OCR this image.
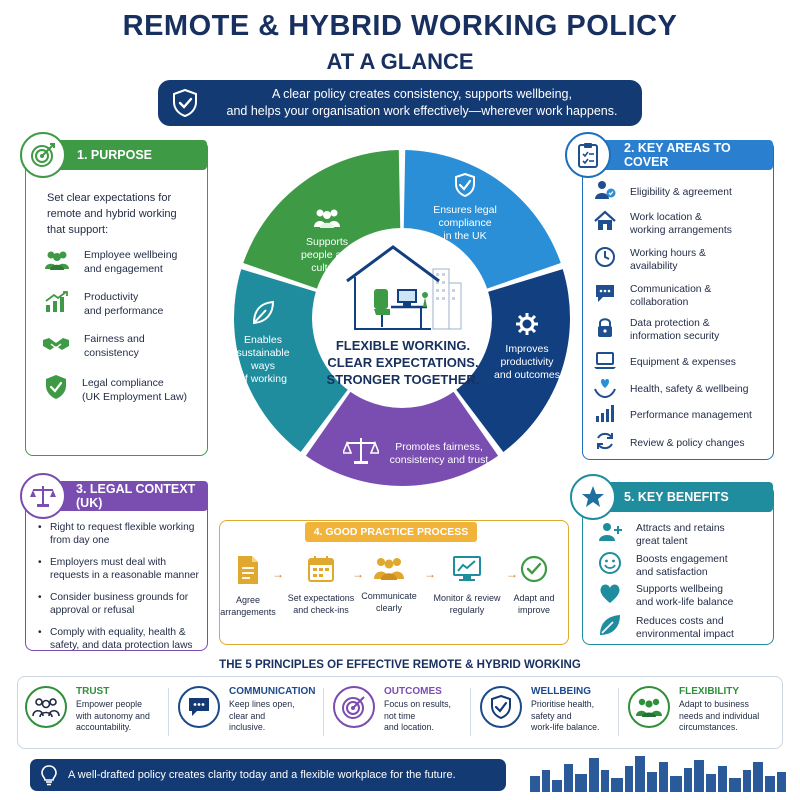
REMOTE & HYBRID WORKING POLICY
AT A GLANCE
A clear policy creates consistency, supports wellbeing,
and helps your organisation work effectively—wherever work happens.
1. PURPOSE
Set clear expectations for
remote and hybrid working
that support:
Employee wellbeing
and engagement
Productivity
and performance
Fairness and
consistency
Legal compliance
(UK Employment Law)
Supports
people and
culture
Ensures legal
compliance
in the UK
Improves
productivity
and outcomes
Promotes fairness,
consistency and trust
Enables
sustainable
ways
of working
FLEXIBLE WORKING.
CLEAR EXPECTATIONS.
STRONGER TOGETHER.
2. KEY AREAS TO COVER
Eligibility & agreement
Work location &
working arrangements
Working hours &
availability
Communication &
collaboration
Data protection &
information security
Equipment & expenses
Health, safety & wellbeing
Performance management
Review & policy changes
3. LEGAL CONTEXT (UK)
• Right to request flexible working
from day one
• Employers must deal with
requests in a reasonable manner
• Consider business grounds for
approval or refusal
• Comply with equality, health &
safety, and data protection laws
4. GOOD PRACTICE PROCESS
Agree
arrangements
→
Set expectations
and check-ins
→
Communicate
clearly
→
Monitor & review
regularly
→
Adapt and
improve
5. KEY BENEFITS
Attracts and retains
great talent
Boosts engagement
and satisfaction
Supports wellbeing
and work-life balance
Reduces costs and
environmental impact
THE 5 PRINCIPLES OF EFFECTIVE REMOTE & HYBRID WORKING
TRUST
Empower people
with autonomy and
accountability.
COMMUNICATION
Keep lines open,
clear and
inclusive.
OUTCOMES
Focus on results,
not time
and location.
WELLBEING
Prioritise health,
safety and
work-life balance.
FLEXIBILITY
Adapt to business
needs and individual
circumstances.
A well-drafted policy creates clarity today and a flexible workplace for the future.
